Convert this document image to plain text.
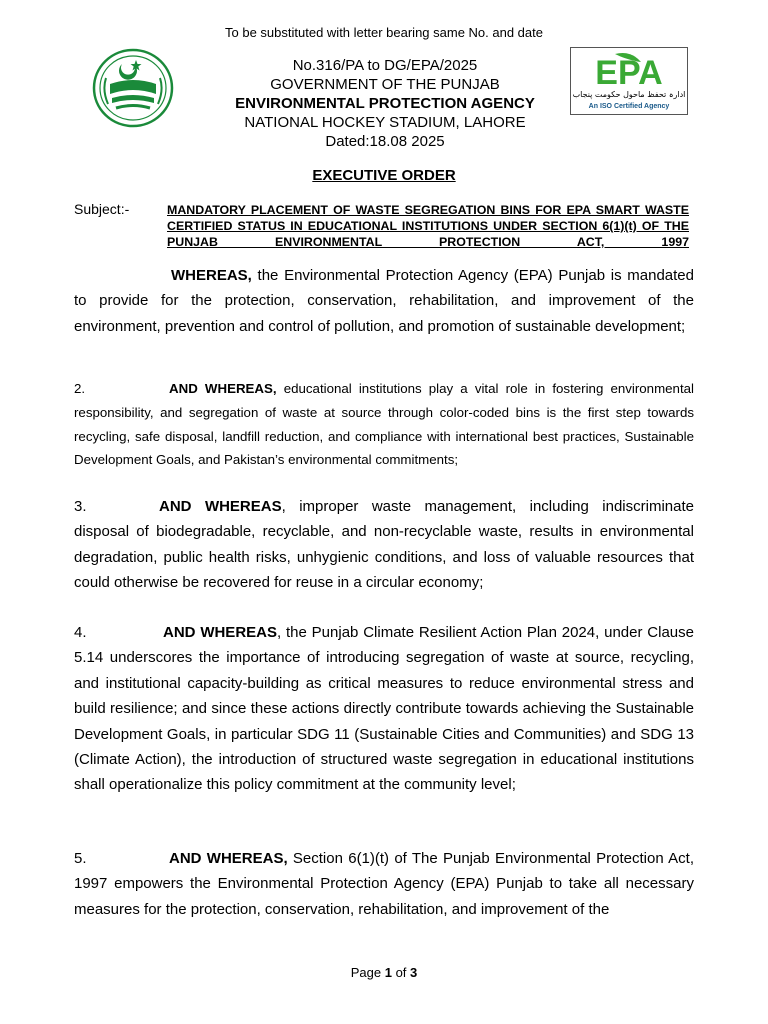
To be substituted with letter bearing same No. and date
No.316/PA to DG/EPA/2025
GOVERNMENT OF THE PUNJAB
ENVIRONMENTAL PROTECTION AGENCY
NATIONAL HOCKEY STADIUM, LAHORE
Dated:18.08 2025
EPA
ادارہ تحفظ ماحول حکومت پنجاب
An ISO Certified Agency
EXECUTIVE ORDER
Subject:-	MANDATORY PLACEMENT OF WASTE SEGREGATION BINS FOR EPA SMART WASTE CERTIFIED STATUS IN EDUCATIONAL INSTITUTIONS UNDER SECTION 6(1)(t) OF THE PUNJAB ENVIRONMENTAL PROTECTION ACT, 1997
WHEREAS, the Environmental Protection Agency (EPA) Punjab is mandated to provide for the protection, conservation, rehabilitation, and improvement of the environment, prevention and control of pollution, and promotion of sustainable development;
2.	AND WHEREAS, educational institutions play a vital role in fostering environmental responsibility, and segregation of waste at source through color-coded bins is the first step towards recycling, safe disposal, landfill reduction, and compliance with international best practices, Sustainable Development Goals, and Pakistan’s environmental commitments;
3.	AND WHEREAS, improper waste management, including indiscriminate disposal of biodegradable, recyclable, and non-recyclable waste, results in environmental degradation, public health risks, unhygienic conditions, and loss of valuable resources that could otherwise be recovered for reuse in a circular economy;
4.	AND WHEREAS, the Punjab Climate Resilient Action Plan 2024, under Clause 5.14 underscores the importance of introducing segregation of waste at source, recycling, and institutional capacity-building as critical measures to reduce environmental stress and build resilience; and since these actions directly contribute towards achieving the Sustainable Development Goals, in particular SDG 11 (Sustainable Cities and Communities) and SDG 13 (Climate Action), the introduction of structured waste segregation in educational institutions shall operationalize this policy commitment at the community level;
5.	AND WHEREAS, Section 6(1)(t) of The Punjab Environmental Protection Act, 1997 empowers the Environmental Protection Agency (EPA) Punjab to take all necessary measures for the protection, conservation, rehabilitation, and improvement of the
Page 1 of 3
